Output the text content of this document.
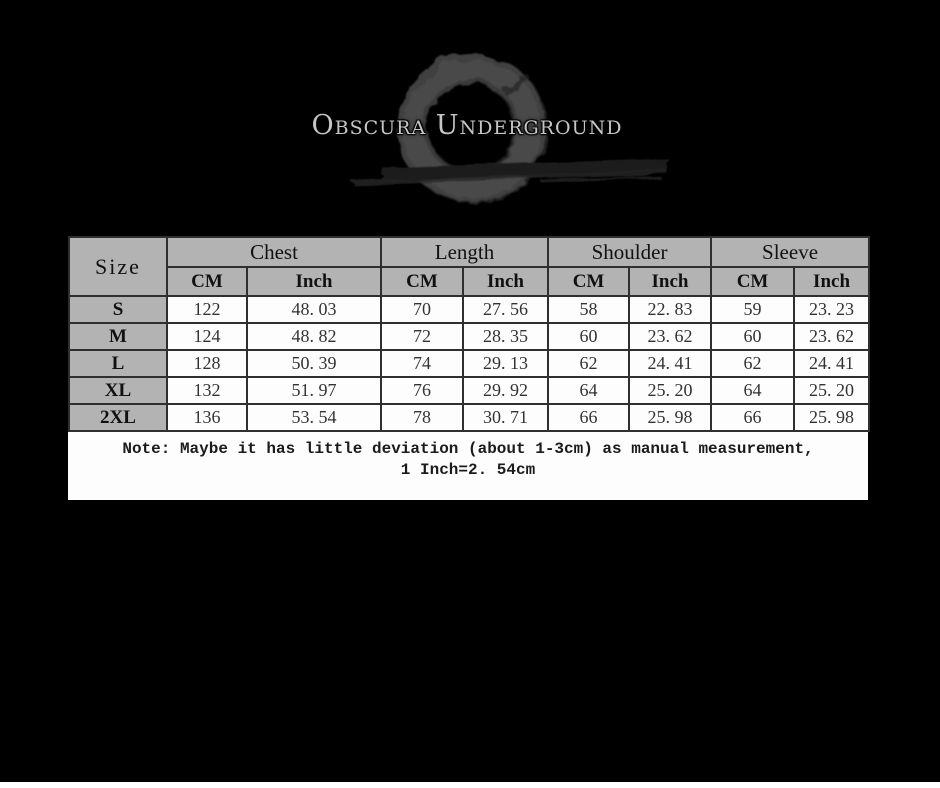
Obscura Underground
Size	Chest		Length		Shoulder		Sleeve	
	CM	Inch	CM	Inch	CM	Inch	CM	Inch
S	122	48. 03	70	27. 56	58	22. 83	59	23. 23
M	124	48. 82	72	28. 35	60	23. 62	60	23. 62
L	128	50. 39	74	29. 13	62	24. 41	62	24. 41
XL	132	51. 97	76	29. 92	64	25. 20	64	25. 20
2XL	136	53. 54	78	30. 71	66	25. 98	66	25. 98
Note: Maybe it has little deviation (about 1-3cm) as manual measurement,
1 Inch=2. 54cm
